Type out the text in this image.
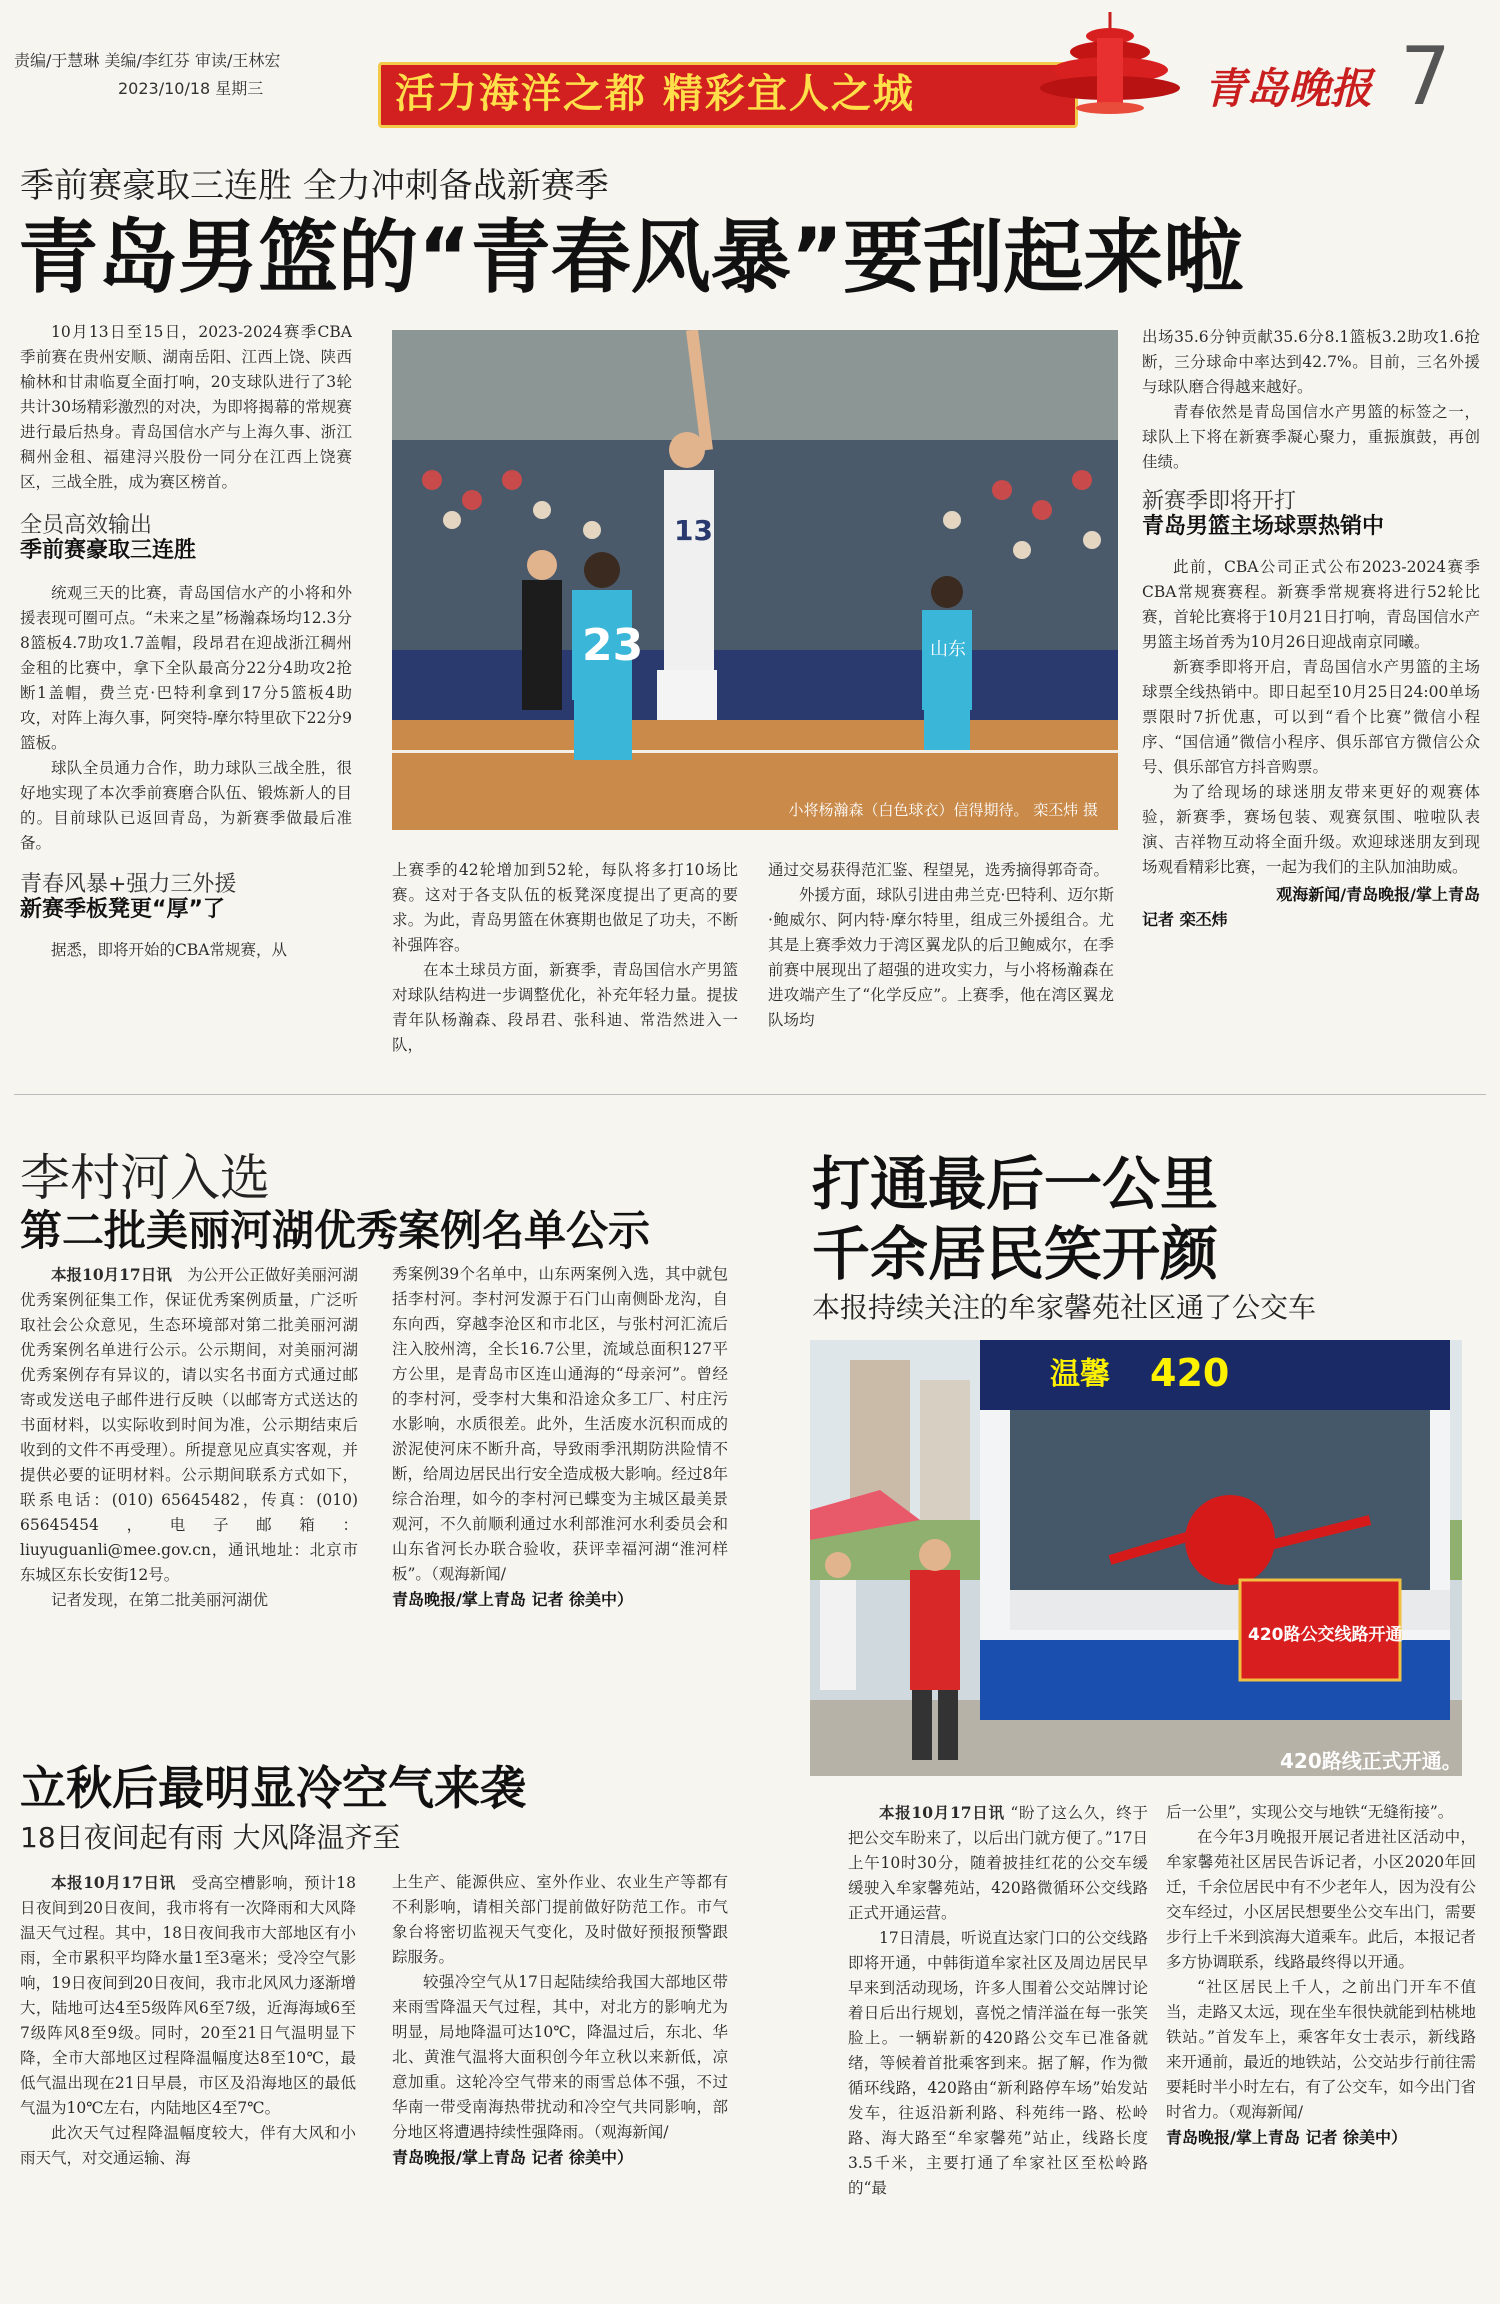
责编/于慧琳 美编/李红芬 审读/王林宏
2023/10/18 星期三	活力海洋之都 精彩宜人之城	青岛晚报 7
季前赛豪取三连胜 全力冲刺备战新赛季
青岛男篮的“青春风暴”要刮起来啦

10月13日至15日，2023-2024赛季CBA季前赛在贵州安顺、湖南岳阳、江西上饶、陕西榆林和甘肃临夏全面打响，20支球队进行了3轮共计30场精彩激烈的对决，为即将揭幕的常规赛进行最后热身。青岛国信水产与上海久事、浙江稠州金租、福建浔兴股份一同分在江西上饶赛区，三战全胜，成为赛区榜首。

全员高效输出
季前赛豪取三连胜

统观三天的比赛，青岛国信水产的小将和外援表现可圈可点。“未来之星”杨瀚森场均12.3分8篮板4.7助攻1.7盖帽，段昂君在迎战浙江稠州金租的比赛中，拿下全队最高分22分4助攻2抢断1盖帽，费兰克·巴特利拿到17分5篮板4助攻，对阵上海久事，阿突特-摩尔特里砍下22分9篮板。

球队全员通力合作，助力球队三战全胜，很好地实现了本次季前赛磨合队伍、锻炼新人的目的。目前球队已返回青岛，为新赛季做最后准备。

青春风暴+强力三外援
新赛季板凳更“厚”了

据悉，即将开始的CBA常规赛，从

23
13
山东
小将杨瀚森（白色球衣）信得期待。 栾丕炜 摄

上赛季的42轮增加到52轮，每队将多打10场比赛。这对于各支队伍的板凳深度提出了更高的要求。为此，青岛男篮在休赛期也做足了功夫，不断补强阵容。

在本土球员方面，新赛季，青岛国信水产男篮对球队结构进一步调整优化，补充年轻力量。提拔青年队杨瀚森、段昂君、张科迪、常浩然进入一队，

通过交易获得范汇鉴、程望晃，选秀摘得郭奇奇。

外援方面，球队引进由弗兰克·巴特利、迈尔斯·鲍威尔、阿内特·摩尔特里，组成三外援组合。尤其是上赛季效力于湾区翼龙队的后卫鲍威尔，在季前赛中展现出了超强的进攻实力，与小将杨瀚森在进攻端产生了“化学反应”。上赛季，他在湾区翼龙队场均

出场35.6分钟贡献35.6分8.1篮板3.2助攻1.6抢断，三分球命中率达到42.7%。目前，三名外援与球队磨合得越来越好。

青春依然是青岛国信水产男篮的标签之一，球队上下将在新赛季凝心聚力，重振旗鼓，再创佳绩。

新赛季即将开打
青岛男篮主场球票热销中

此前，CBA公司正式公布2023-2024赛季CBA常规赛赛程。新赛季常规赛将进行52轮比赛，首轮比赛将于10月21日打响，青岛国信水产男篮主场首秀为10月26日迎战南京同曦。

新赛季即将开启，青岛国信水产男篮的主场球票全线热销中。即日起至10月25日24:00单场票限时7折优惠，可以到“看个比赛”微信小程序、“国信通”微信小程序、俱乐部官方微信公众号、俱乐部官方抖音购票。

为了给现场的球迷朋友带来更好的观赛体验，新赛季，赛场包装、观赛氛围、啦啦队表演、吉祥物互动将全面升级。欢迎球迷朋友到现场观看精彩比赛，一起为我们的主队加油助威。

观海新闻/青岛晚报/掌上青岛
记者 栾丕炜
李村河入选
第二批美丽河湖优秀案例名单公示

本报10月17日讯　 为公开公正做好美丽河湖优秀案例征集工作，保证优秀案例质量，广泛听取社会公众意见，生态环境部对第二批美丽河湖优秀案例名单进行公示。公示期间，对美丽河湖优秀案例存有异议的，请以实名书面方式通过邮寄或发送电子邮件进行反映（以邮寄方式送达的书面材料，以实际收到时间为准，公示期结束后收到的文件不再受理）。所提意见应真实客观，并提供必要的证明材料。公示期间联系方式如下，联系电话：(010) 65645482，传真：(010) 65645454，电子邮箱：liuyuguanli@mee.gov.cn，通讯地址：北京市东城区东长安街12号。

记者发现，在第二批美丽河湖优

秀案例39个名单中，山东两案例入选，其中就包括李村河。李村河发源于石门山南侧卧龙沟，自东向西，穿越李沧区和市北区，与张村河汇流后注入胶州湾，全长16.7公里，流域总面积127平方公里，是青岛市区连山通海的“母亲河”。曾经的李村河，受李村大集和沿途众多工厂、村庄污水影响，水质很差。此外，生活废水沉积而成的淤泥使河床不断升高，导致雨季汛期防洪险情不断，给周边居民出行安全造成极大影响。经过8年综合治理，如今的李村河已蝶变为主城区最美景观河，不久前顺利通过水利部淮河水利委员会和山东省河长办联合验收，获评幸福河湖“淮河样板”。（观海新闻/

青岛晚报/掌上青岛 记者 徐美中）
打通最后一公里
千余居民笑开颜
本报持续关注的牟家馨苑社区通了公交车
温馨 420
420路公交线路开通
420路线正式开通。

本报10月17日讯 “盼了这么久，终于把公交车盼来了，以后出门就方便了。”17日上午10时30分，随着披挂红花的公交车缓缓驶入牟家馨苑站，420路微循环公交线路正式开通运营。

17日清晨，听说直达家门口的公交线路即将开通，中韩街道牟家社区及周边居民早早来到活动现场，许多人围着公交站牌讨论着日后出行规划，喜悦之情洋溢在每一张笑脸上。一辆崭新的420路公交车已准备就绪，等候着首批乘客到来。据了解，作为微循环线路，420路由“新利路停车场”始发站发车，往返沿新利路、科苑纬一路、松岭路、海大路至“牟家馨苑”站止，线路长度3.5千米，主要打通了牟家社区至松岭路的“最

后一公里”，实现公交与地铁“无缝衔接”。

在今年3月晚报开展记者进社区活动中，牟家馨苑社区居民告诉记者，小区2020年回迁，千余位居民中有不少老年人，因为没有公交车经过，小区居民想要坐公交车出门，需要步行上千米到滨海大道乘车。此后，本报记者多方协调联系，线路最终得以开通。

“社区居民上千人，之前出门开车不值当，走路又太远，现在坐车很快就能到枯桃地铁站。”首发车上，乘客年女士表示，新线路来开通前，最近的地铁站，公交站步行前往需要耗时半小时左右，有了公交车，如今出门省时省力。（观海新闻/

青岛晚报/掌上青岛 记者 徐美中）
立秋后最明显冷空气来袭
18日夜间起有雨 大风降温齐至

本报10月17日讯　 受高空槽影响，预计18日夜间到20日夜间，我市将有一次降雨和大风降温天气过程。其中，18日夜间我市大部地区有小雨，全市累积平均降水量1至3毫米；受冷空气影响，19日夜间到20日夜间，我市北风风力逐渐增大，陆地可达4至5级阵风6至7级，近海海域6至7级阵风8至9级。同时，20至21日气温明显下降，全市大部地区过程降温幅度达8至10℃，最低气温出现在21日早晨，市区及沿海地区的最低气温为10℃左右，内陆地区4至7℃。

此次天气过程降温幅度较大，伴有大风和小雨天气，对交通运输、海

上生产、能源供应、室外作业、农业生产等都有不利影响，请相关部门提前做好防范工作。市气象台将密切监视天气变化，及时做好预报预警跟踪服务。

较强冷空气从17日起陆续给我国大部地区带来雨雪降温天气过程，其中，对北方的影响尤为明显，局地降温可达10℃，降温过后，东北、华北、黄淮气温将大面积创今年立秋以来新低，凉意加重。这轮冷空气带来的雨雪总体不强，不过华南一带受南海热带扰动和冷空气共同影响，部分地区将遭遇持续性强降雨。（观海新闻/

青岛晚报/掌上青岛 记者 徐美中）
